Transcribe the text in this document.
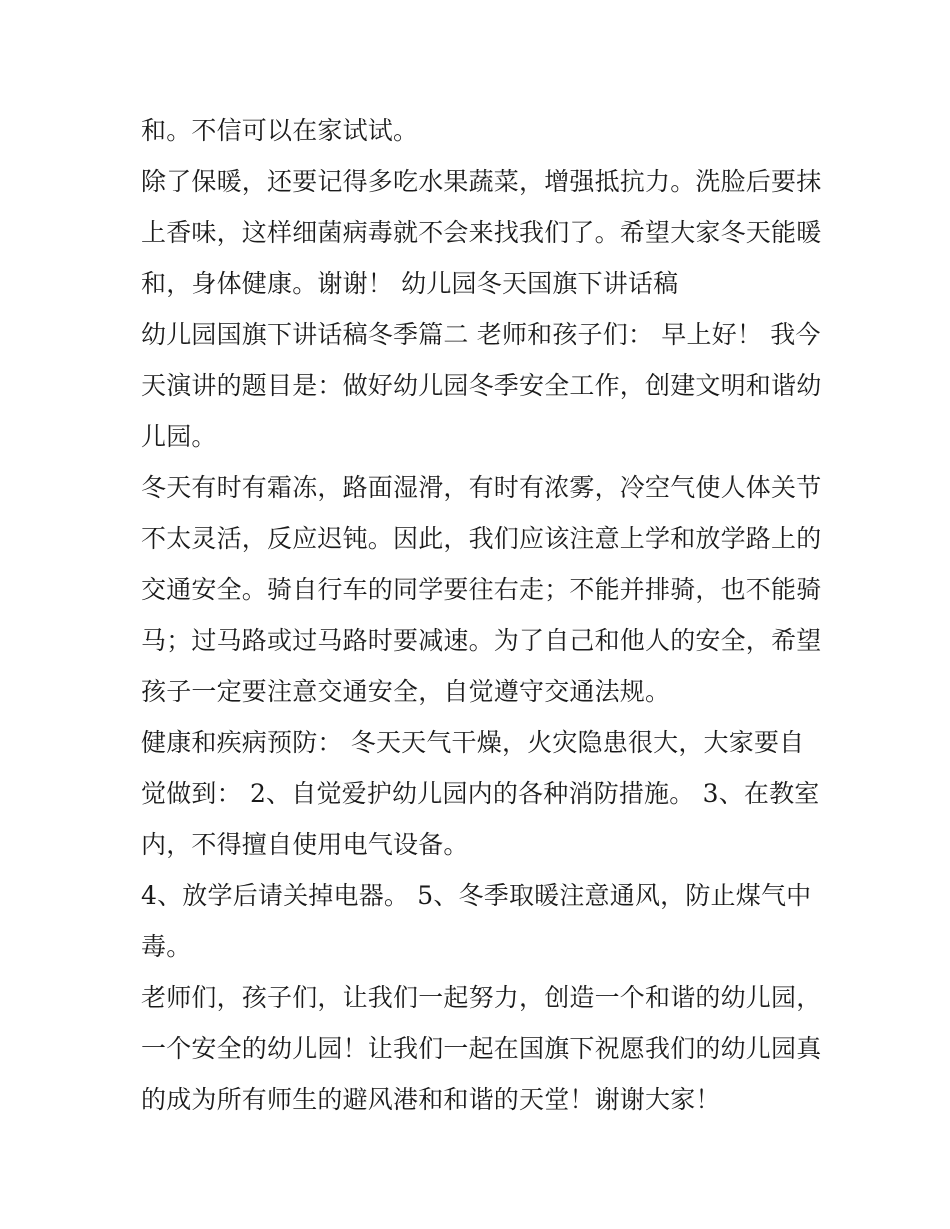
和。不信可以在家试试。

除了保暖，还要记得多吃水果蔬菜，增强抵抗力。洗脸后要抹
上香味，这样细菌病毒就不会来找我们了。希望大家冬天能暖
和，身体健康。谢谢！ 幼儿园冬天国旗下讲话稿

幼儿园国旗下讲话稿冬季篇二 老师和孩子们： 早上好！ 我今
天演讲的题目是：做好幼儿园冬季安全工作，创建文明和谐幼
儿园。

冬天有时有霜冻，路面湿滑，有时有浓雾，冷空气使人体关节
不太灵活，反应迟钝。因此，我们应该注意上学和放学路上的
交通安全。骑自行车的同学要往右走；不能并排骑，也不能骑
马；过马路或过马路时要减速。为了自己和他人的安全，希望
孩子一定要注意交通安全，自觉遵守交通法规。

健康和疾病预防： 冬天天气干燥，火灾隐患很大，大家要自
觉做到： 2、自觉爱护幼儿园内的各种消防措施。 3、在教室
内，不得擅自使用电气设备。

4、放学后请关掉电器。 5、冬季取暖注意通风，防止煤气中
毒。

老师们，孩子们，让我们一起努力，创造一个和谐的幼儿园，
一个安全的幼儿园！让我们一起在国旗下祝愿我们的幼儿园真
的成为所有师生的避风港和和谐的天堂！谢谢大家！
